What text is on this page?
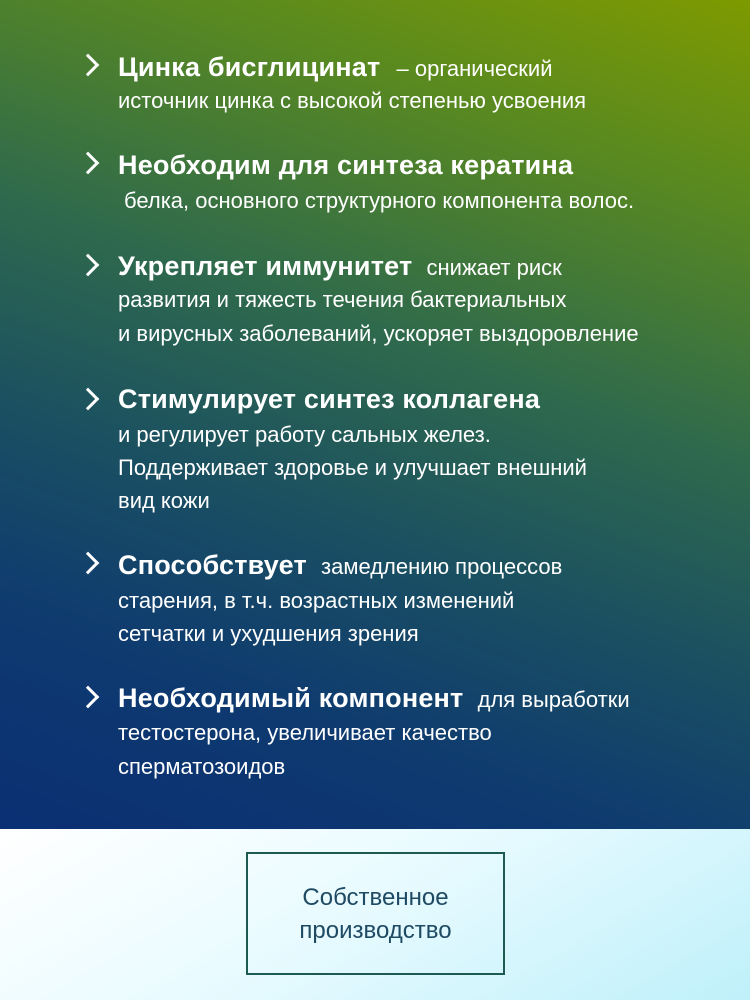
Цинка бисглицинат – органический
источник цинка с высокой степенью усвоения
Необходим для синтеза кератина
белка, основного структурного компонента волос.
Укрепляет иммунитет снижает риск
развития и тяжесть течения бактериальных
и вирусных заболеваний, ускоряет выздоровление
Стимулирует синтез коллагена
и регулирует работу сальных желез.
Поддерживает здоровье и улучшает внешний
вид кожи
Способствует замедлению процессов
старения, в т.ч. возрастных изменений
сетчатки и ухудшения зрения
Необходимый компонент для выработки
тестостерона, увеличивает качество
сперматозоидов
Собственное
производство
